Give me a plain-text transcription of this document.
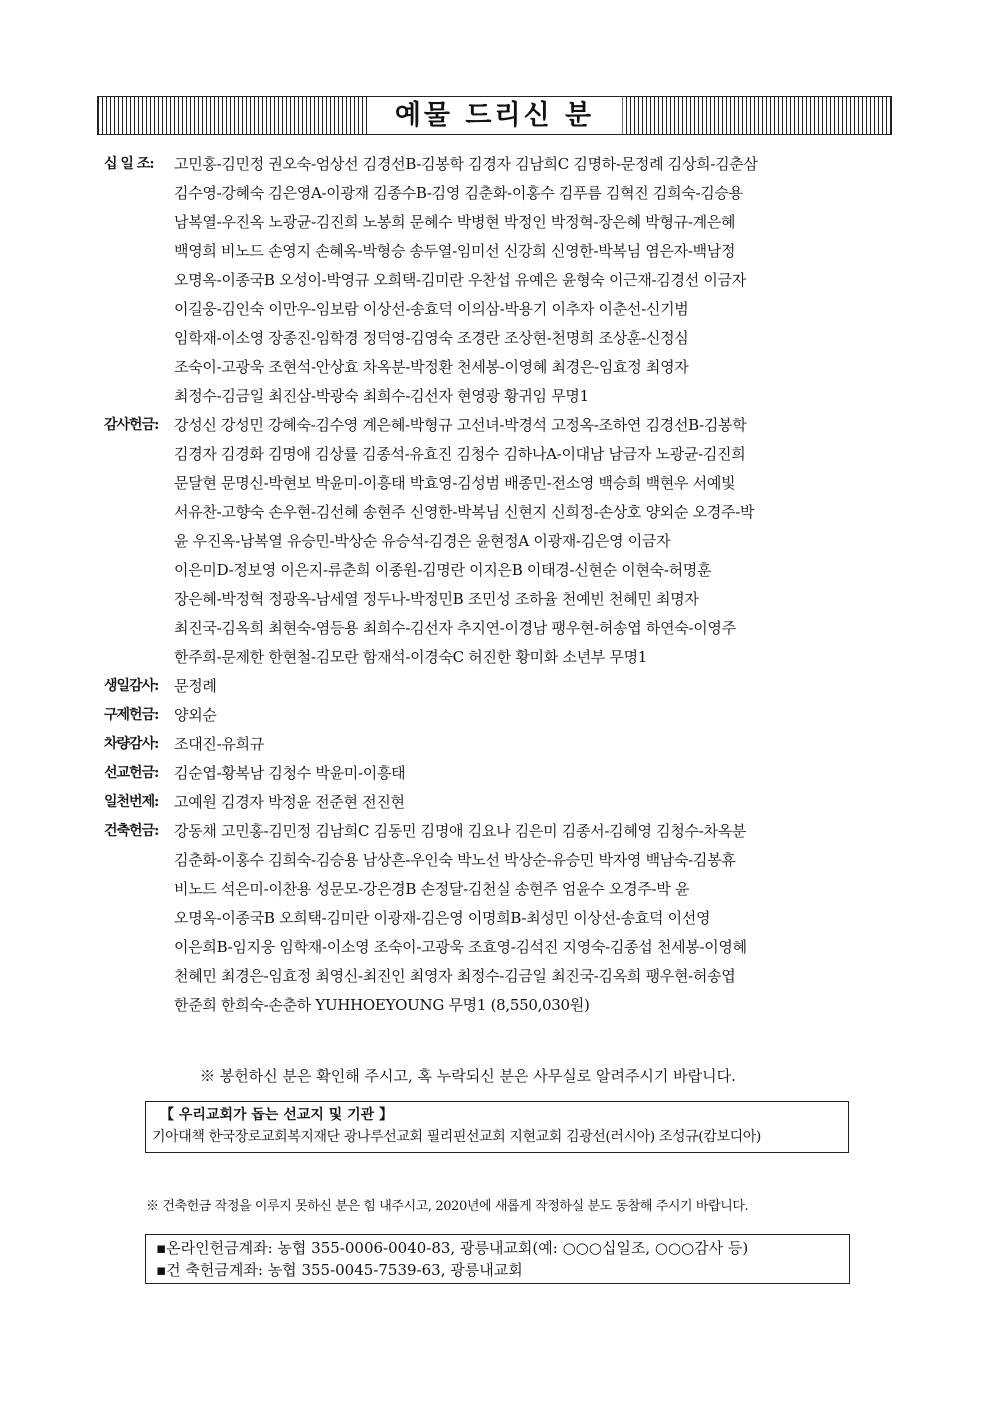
예물 드리신 분
십 일 조:	고민홍-김민정 권오숙-엄상선 김경선B-김봉학 김경자 김남희C 김명하-문정례 김상희-김춘삼
김수영-강혜숙 김은영A-이광재 김종수B-김영 김춘화-이홍수 김푸름 김혁진 김희숙-김승용
남복열-우진옥 노광균-김진희 노봉희 문혜수 박병현 박정인 박정혁-장은혜 박형규-계은혜
백영희 비노드 손영지 손혜옥-박형승 송두열-임미선 신강희 신영한-박복님 염은자-백남정
오명옥-이종국B 오성이-박영규 오희택-김미란 우찬섭 유예은 윤형숙 이근재-김경선 이금자
이길웅-김인숙 이만우-임보람 이상선-송효덕 이의삼-박용기 이추자 이춘선-신기범
임학재-이소영 장종진-임학경 정덕영-김영숙 조경란 조상현-천명희 조상훈-신정심
조숙이-고광욱 조현석-안상효 차옥분-박정환 천세봉-이영혜 최경은-임효정 최영자
최정수-김금일 최진삼-박광숙 최희수-김선자 현영광 황귀임 무명1
감사헌금:	강성신 강성민 강혜숙-김수영 계은혜-박형규 고선녀-박경석 고정옥-조하연 김경선B-김봉학
김경자 김경화 김명애 김상률 김종석-유효진 김청수 김하나A-이대남 남금자 노광균-김진희
문달현 문명신-박현보 박윤미-이흥태 박효영-김성범 배종민-전소영 백승희 백현우 서예빛
서유찬-고향숙 손우현-김선혜 송현주 신영한-박복님 신현지 신희정-손상호 양외순 오경주-박
윤 우진옥-남복열 유승민-박상순 유승석-김경은 윤현정A 이광재-김은영 이금자
이은미D-정보영 이은지-류춘희 이종원-김명란 이지은B 이태경-신현순 이현숙-허명훈
장은혜-박정혁 정광옥-남세열 정두나-박정민B 조민성 조하율 천예빈 천혜민 최명자
최진국-김옥희 최현숙-염등용 최희수-김선자 추지연-이경남 팽우현-허송엽 하연숙-이영주
한주희-문제한 한현철-김모란 함재석-이경숙C 허진한 황미화 소년부 무명1
생일감사:	문정례
구제헌금:	양외순
차량감사:	조대진-유희규
선교헌금:	김순엽-황복남 김청수 박윤미-이흥태
일천번제:	고예원 김경자 박정윤 전준현 전진현
건축헌금:	강동채 고민홍-김민정 김남희C 김동민 김명애 김요나 김은미 김종서-김혜영 김청수-차옥분
김춘화-이홍수 김희숙-김승용 남상흔-우인숙 박노선 박상순-유승민 박자영 백남숙-김봉휴
비노드 석은미-이찬용 성문모-강은경B 손정달-김천실 송현주 엄윤수 오경주-박 윤
오명옥-이종국B 오희택-김미란 이광재-김은영 이명희B-최성민 이상선-송효덕 이선영
이은희B-임지웅 임학재-이소영 조숙이-고광욱 조효영-김석진 지영숙-김종섭 천세봉-이영혜
천혜민 최경은-임효정 최영신-최진인 최영자 최정수-김금일 최진국-김옥희 팽우현-허송엽
한준희 한희숙-손춘하 YUHHOEYOUNG 무명1 (8,550,030원)
※ 봉헌하신 분은 확인해 주시고, 혹 누락되신 분은 사무실로 알려주시기 바랍니다.
【 우리교회가 돕는 선교지 및 기관 】
기아대책 한국장로교회복지재단 광나루선교회 필리핀선교회 지현교회 김광선(러시아) 조성규(캄보디아)
※ 건축헌금 작정을 이루지 못하신 분은 힘 내주시고, 2020년에 새롭게 작정하실 분도 동참해 주시기 바랍니다.
▪온라인헌금계좌: 농협 355-0006-0040-83, 광릉내교회(예: ○○○십일조, ○○○감사 등)
▪건 축헌금계좌: 농협 355-0045-7539-63, 광릉내교회
